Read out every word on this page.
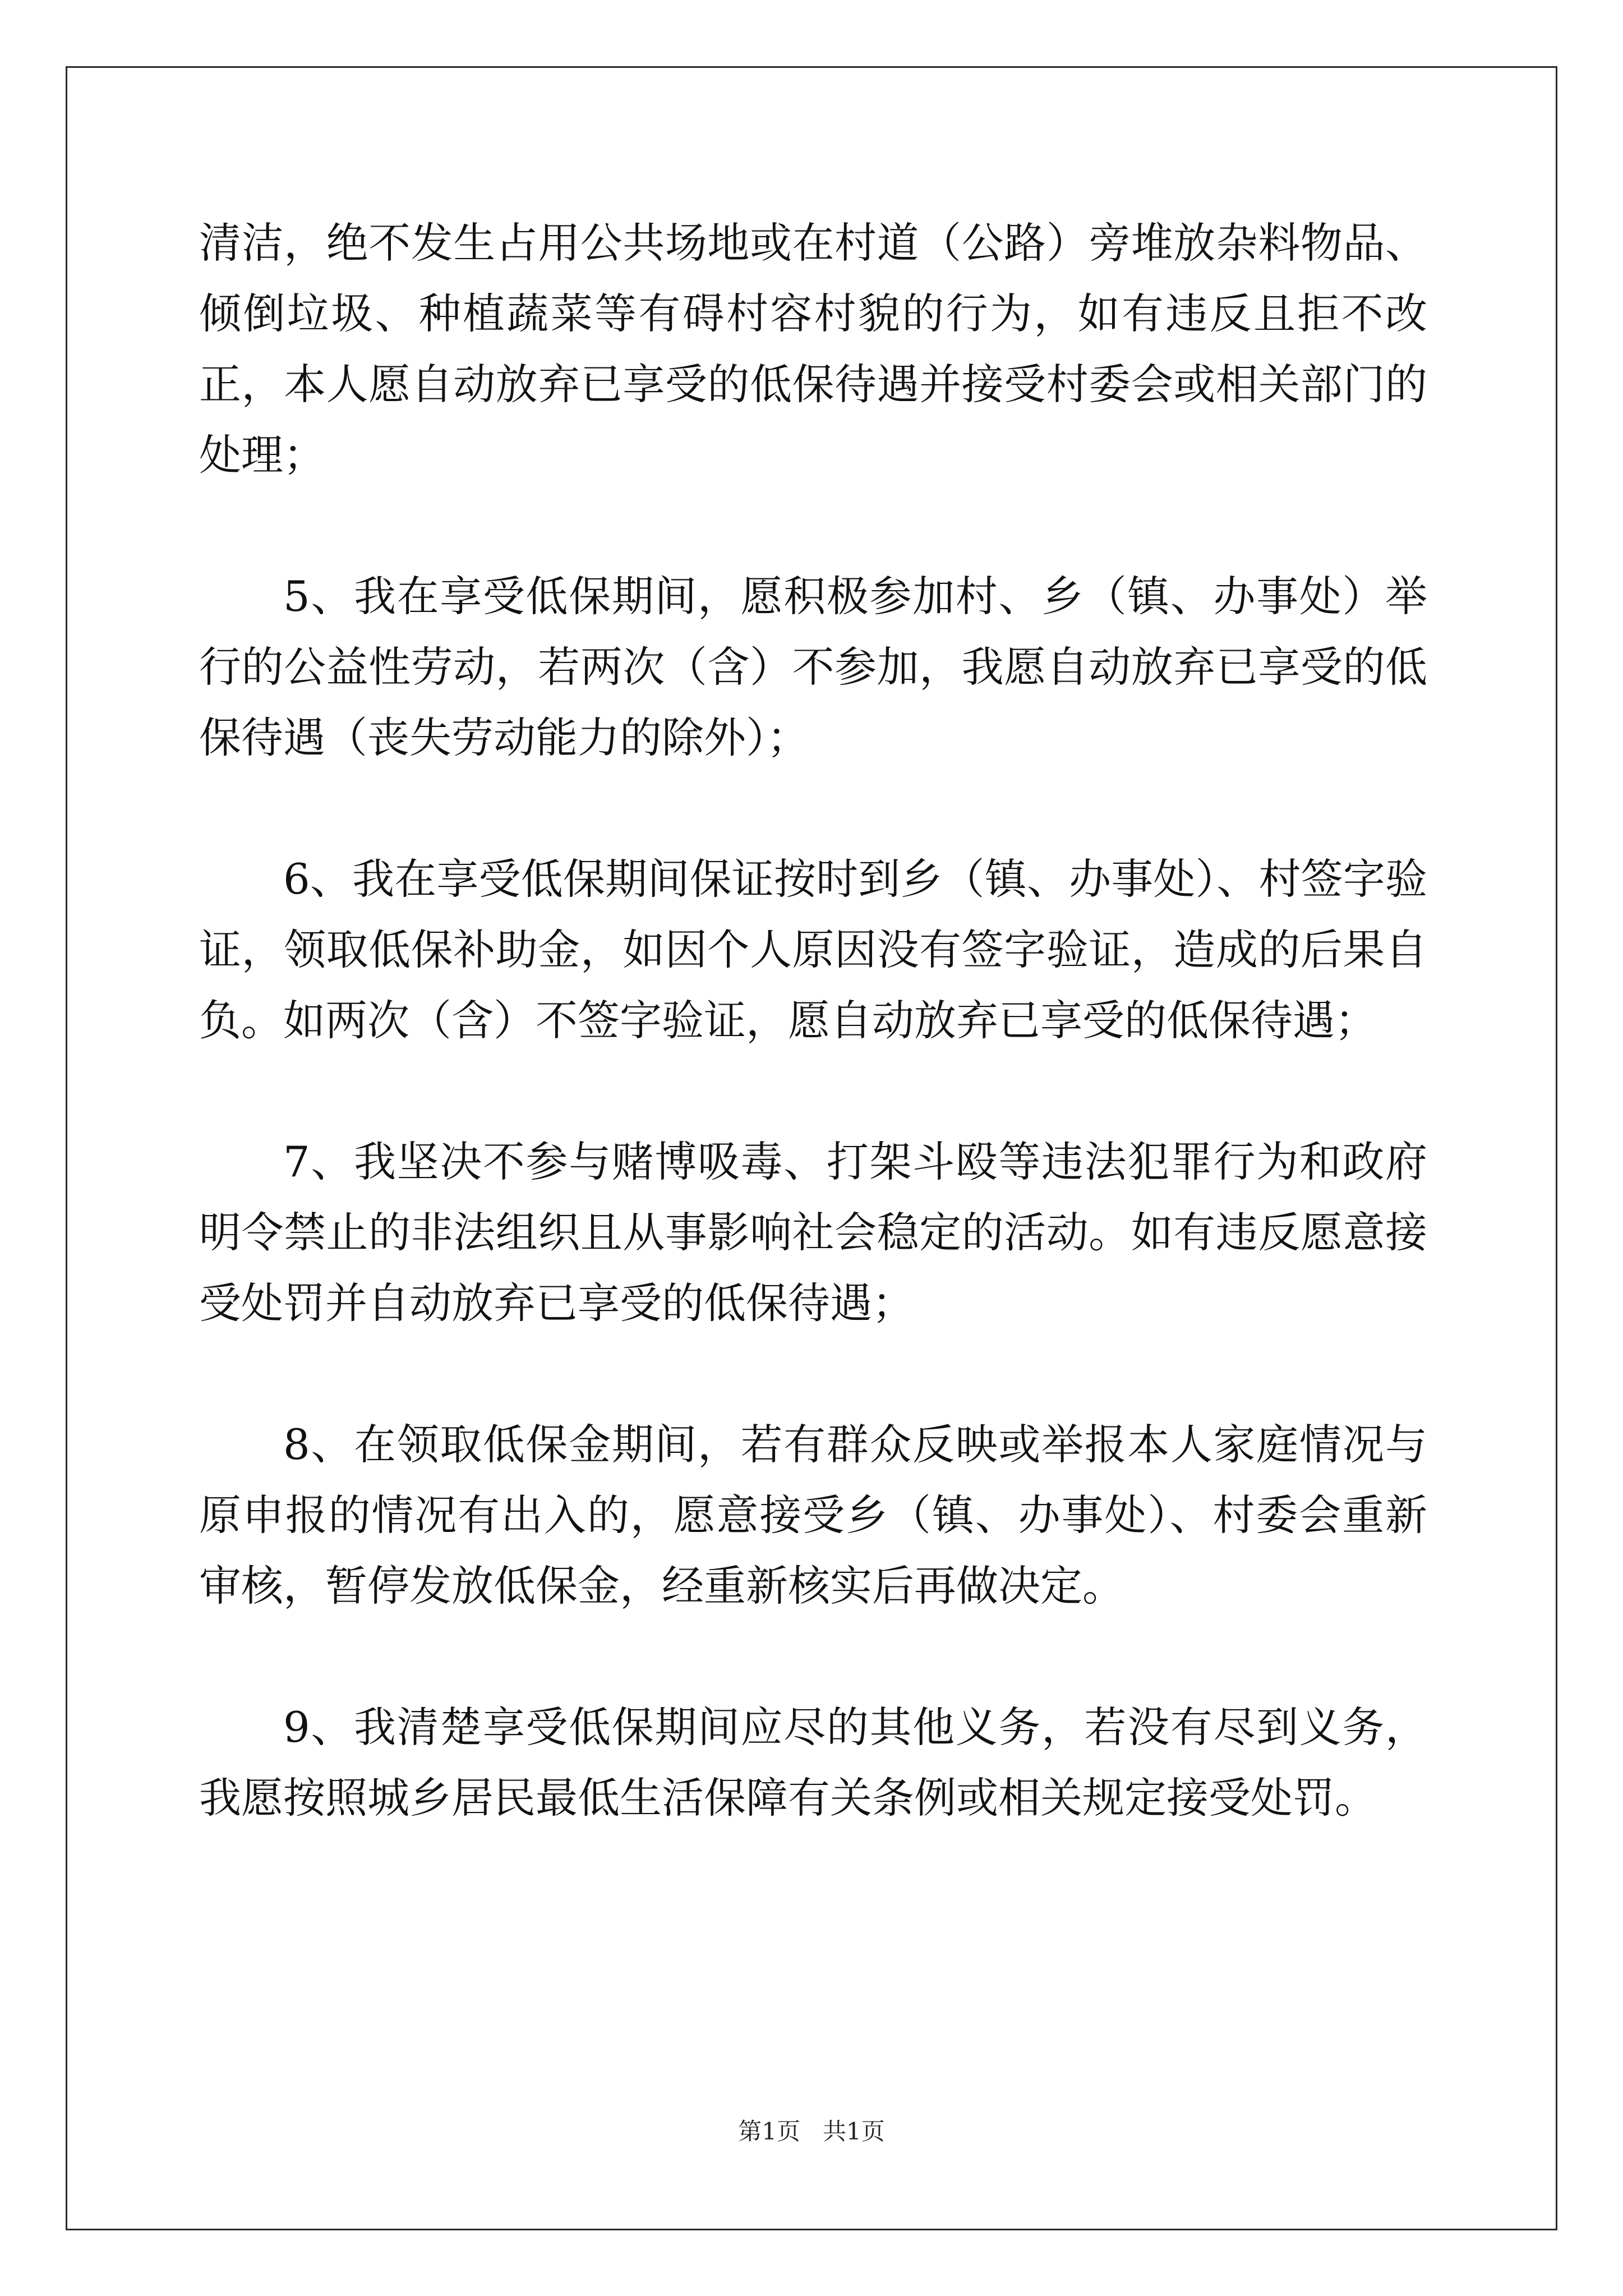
清洁，绝不发生占用公共场地或在村道（公路）旁堆放杂料物品、倾倒垃圾、种植蔬菜等有碍村容村貌的行为，如有违反且拒不改正，本人愿自动放弃已享受的低保待遇并接受村委会或相关部门的处理；

5、我在享受低保期间，愿积极参加村、乡（镇、办事处）举行的公益性劳动，若两次（含）不参加，我愿自动放弃已享受的低保待遇（丧失劳动能力的除外）；

6、我在享受低保期间保证按时到乡（镇、办事处）、村签字验证，领取低保补助金，如因个人原因没有签字验证，造成的后果自负。如两次（含）不签字验证，愿自动放弃已享受的低保待遇；

7、我坚决不参与赌博吸毒、打架斗殴等违法犯罪行为和政府明令禁止的非法组织且从事影响社会稳定的活动。如有违反愿意接受处罚并自动放弃已享受的低保待遇；

8、在领取低保金期间，若有群众反映或举报本人家庭情况与原申报的情况有出入的，愿意接受乡（镇、办事处）、村委会重新审核，暂停发放低保金，经重新核实后再做决定。

9、我清楚享受低保期间应尽的其他义务，若没有尽到义务，我愿按照城乡居民最低生活保障有关条例或相关规定接受处罚。

第1页   共1页
